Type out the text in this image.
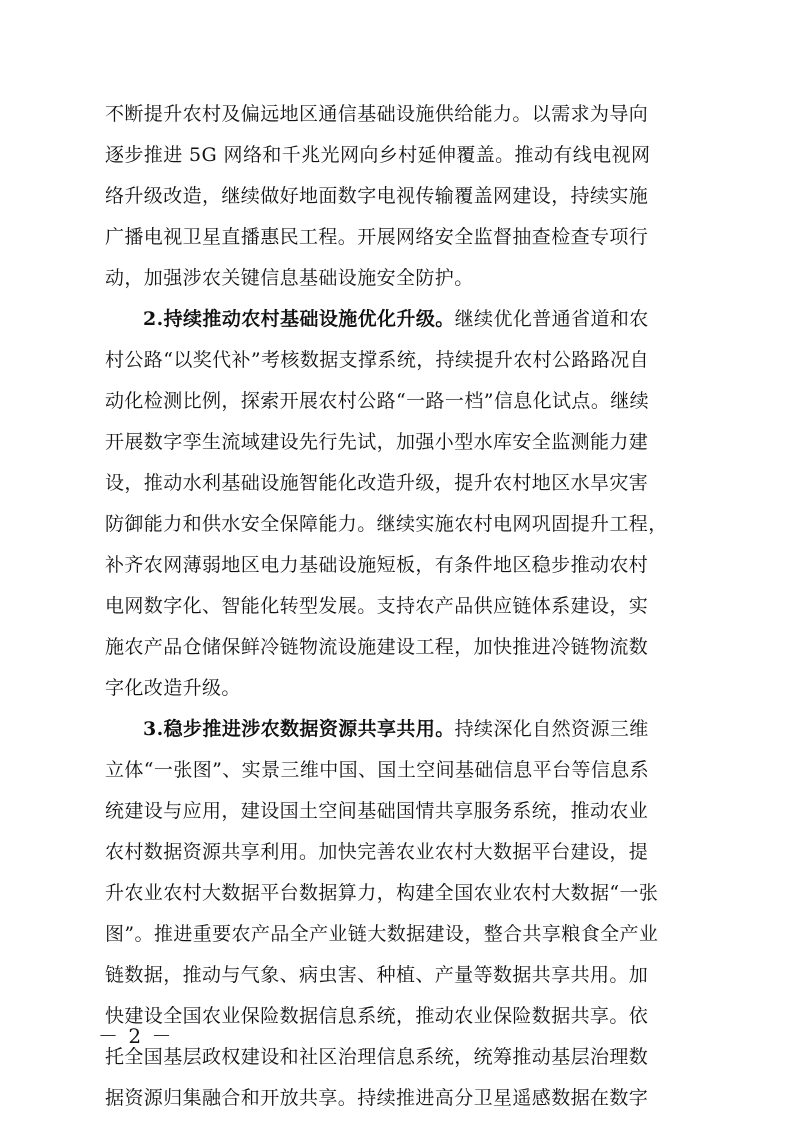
不断提升农村及偏远地区通信基础设施供给能力。以需求为导向
逐步推进 5G 网络和千兆光网向乡村延伸覆盖。推动有线电视网
络升级改造，继续做好地面数字电视传输覆盖网建设，持续实施
广播电视卫星直播惠民工程。开展网络安全监督抽查检查专项行
动，加强涉农关键信息基础设施安全防护。
2.持续推动农村基础设施优化升级。继续优化普通省道和农
村公路“以奖代补”考核数据支撑系统，持续提升农村公路路况自
动化检测比例，探索开展农村公路“一路一档”信息化试点。继续
开展数字孪生流域建设先行先试，加强小型水库安全监测能力建
设，推动水利基础设施智能化改造升级，提升农村地区水旱灾害
防御能力和供水安全保障能力。继续实施农村电网巩固提升工程，
补齐农网薄弱地区电力基础设施短板，有条件地区稳步推动农村
电网数字化、智能化转型发展。支持农产品供应链体系建设，实
施农产品仓储保鲜冷链物流设施建设工程，加快推进冷链物流数
字化改造升级。
3.稳步推进涉农数据资源共享共用。持续深化自然资源三维
立体“一张图”、实景三维中国、国土空间基础信息平台等信息系
统建设与应用，建设国土空间基础国情共享服务系统，推动农业
农村数据资源共享利用。加快完善农业农村大数据平台建设，提
升农业农村大数据平台数据算力，构建全国农业农村大数据“一张
图”。推进重要农产品全产业链大数据建设，整合共享粮食全产业
链数据，推动与气象、病虫害、种植、产量等数据共享共用。加
快建设全国农业保险数据信息系统，推动农业保险数据共享。依
托全国基层政权建设和社区治理信息系统，统筹推动基层治理数
据资源归集融合和开放共享。持续推进高分卫星遥感数据在数字
－ 2 －
